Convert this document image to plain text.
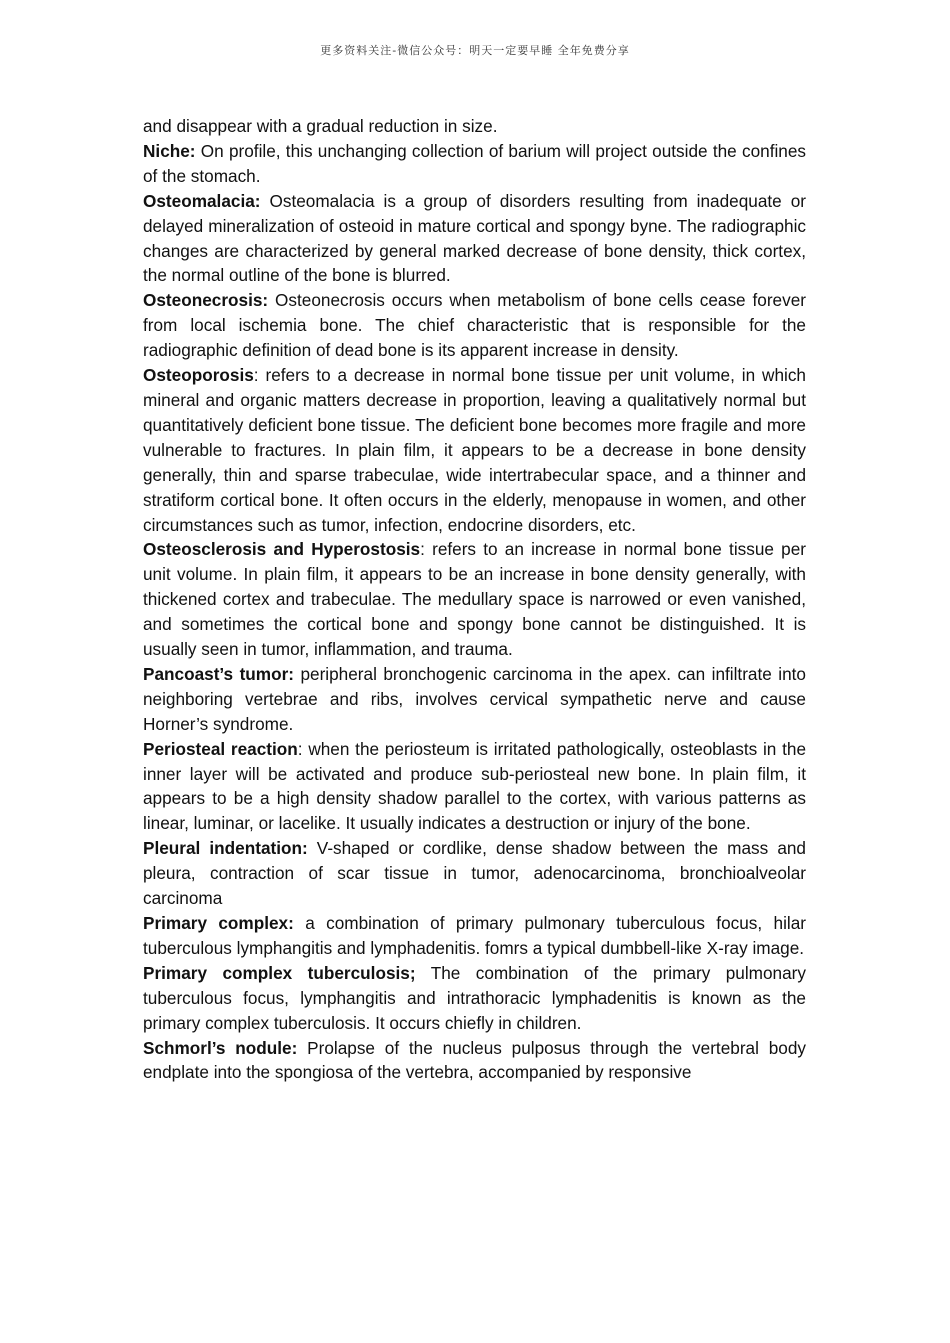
更多资料关注-微信公众号：明天一定要早睡 全年免费分享

and disappear with a gradual reduction in size.

Niche: On profile, this unchanging collection of barium will project outside the confines of the stomach.

Osteomalacia: Osteomalacia is a group of disorders resulting from inadequate or delayed mineralization of osteoid in mature cortical and spongy byne. The radiographic changes are characterized by general marked decrease of bone density, thick cortex, the normal outline of the bone is blurred.

Osteonecrosis: Osteonecrosis occurs when metabolism of bone cells cease forever from local ischemia bone. The chief characteristic that is responsible for the radiographic definition of dead bone is its apparent increase in density.

Osteoporosis: refers to a decrease in normal bone tissue per unit volume, in which mineral and organic matters decrease in proportion, leaving a qualitatively normal but quantitatively deficient bone tissue. The deficient bone becomes more fragile and more vulnerable to fractures. In plain film, it appears to be a decrease in bone density generally, thin and sparse trabeculae, wide intertrabecular space, and a thinner and stratiform cortical bone. It often occurs in the elderly, menopause in women, and other circumstances such as tumor, infection, endocrine disorders, etc.

Osteosclerosis and Hyperostosis: refers to an increase in normal bone tissue per unit volume. In plain film, it appears to be an increase in bone density generally, with thickened cortex and trabeculae. The medullary space is narrowed or even vanished, and sometimes the cortical bone and spongy bone cannot be distinguished. It is usually seen in tumor, inflammation, and trauma.

Pancoast’s tumor: peripheral bronchogenic carcinoma in the apex. can infiltrate into neighboring vertebrae and ribs, involves cervical sympathetic nerve and cause Horner’s syndrome.

Periosteal reaction: when the periosteum is irritated pathologically, osteoblasts in the inner layer will be activated and produce sub-periosteal new bone. In plain film, it appears to be a high density shadow parallel to the cortex, with various patterns as linear, luminar, or lacelike. It usually indicates a destruction or injury of the bone.

Pleural indentation: V-shaped or cordlike, dense shadow between the mass and pleura, contraction of scar tissue in tumor, adenocarcinoma, bronchioalveolar carcinoma

Primary complex: a combination of primary pulmonary tuberculous focus, hilar tuberculous lymphangitis and lymphadenitis. fomrs a typical dumbbell-like X-ray image.

Primary complex tuberculosis; The combination of the primary pulmonary tuberculous focus, lymphangitis and intrathoracic lymphadenitis is known as the primary complex tuberculosis. It occurs chiefly in children.

Schmorl’s nodule: Prolapse of the nucleus pulposus through the vertebral body endplate into the spongiosa of the vertebra, accompanied by responsive
